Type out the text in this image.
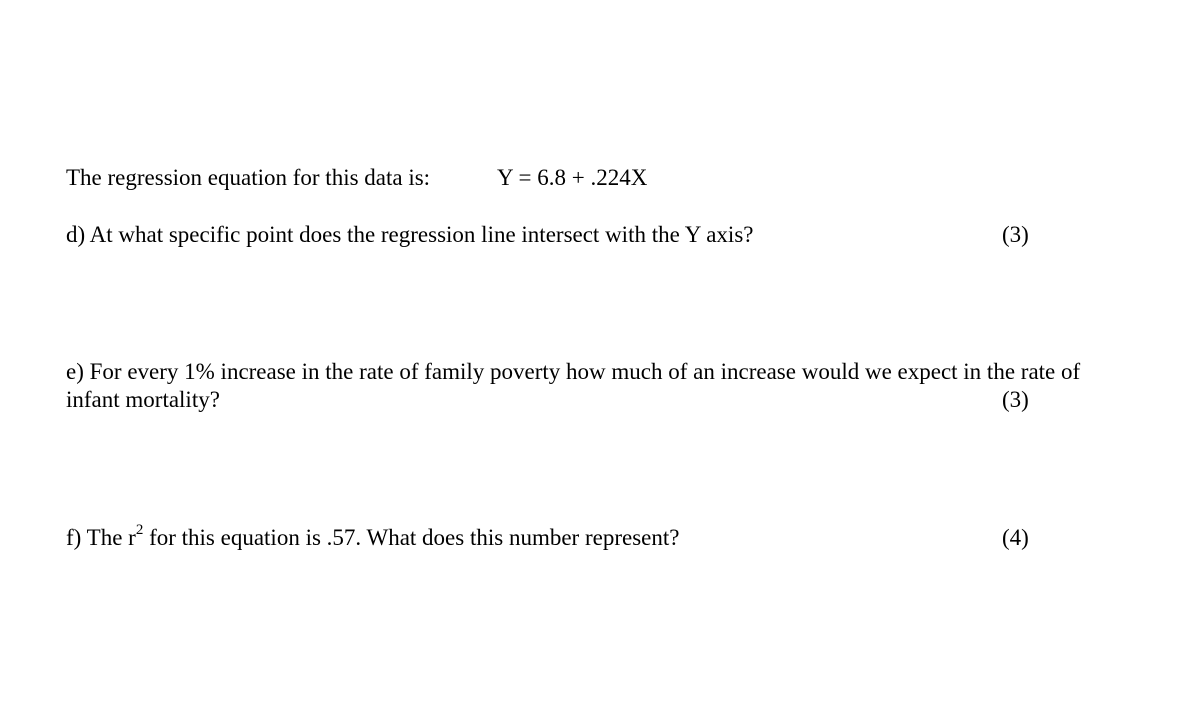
The regression equation for this data is:	Y = 6.8 + .224X
d) At what specific point does the regression line intersect with the Y axis?	(3)
e) For every 1% increase in the rate of family poverty how much of an increase would we expect in the rate of
infant mortality?	(3)
f) The $r^2$ for this equation is .57. What does this number represent?	(4)
